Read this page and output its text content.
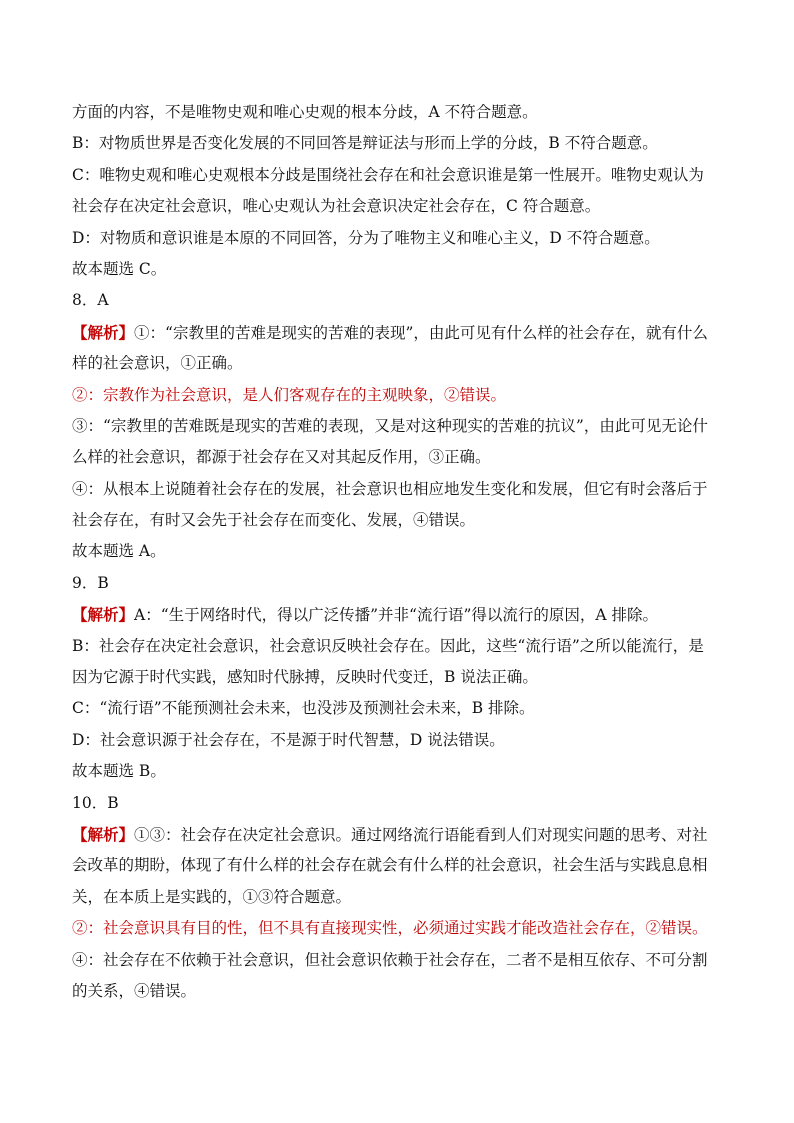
方面的内容，不是唯物史观和唯心史观的根本分歧，A 不符合题意。
B：对物质世界是否变化发展的不同回答是辩证法与形而上学的分歧，B 不符合题意。
C：唯物史观和唯心史观根本分歧是围绕社会存在和社会意识谁是第一性展开。唯物史观认为
社会存在决定社会意识，唯心史观认为社会意识决定社会存在，C 符合题意。
D：对物质和意识谁是本原的不同回答，分为了唯物主义和唯心主义，D 不符合题意。
故本题选 C。
8．A
【解析】①：“宗教里的苦难是现实的苦难的表现”，由此可见有什么样的社会存在，就有什么
样的社会意识，①正确。
②：宗教作为社会意识，是人们客观存在的主观映象，②错误。
③：“宗教里的苦难既是现实的苦难的表现，又是对这种现实的苦难的抗议”，由此可见无论什
么样的社会意识，都源于社会存在又对其起反作用，③正确。
④：从根本上说随着社会存在的发展，社会意识也相应地发生变化和发展，但它有时会落后于
社会存在，有时又会先于社会存在而变化、发展，④错误。
故本题选 A。
9．B
【解析】A：“生于网络时代，得以广泛传播”并非“流行语”得以流行的原因，A 排除。
B：社会存在决定社会意识，社会意识反映社会存在。因此，这些“流行语”之所以能流行，是
因为它源于时代实践，感知时代脉搏，反映时代变迁，B 说法正确。
C：“流行语”不能预测社会未来，也没涉及预测社会未来，B 排除。
D：社会意识源于社会存在，不是源于时代智慧，D 说法错误。
故本题选 B。
10．B
【解析】①③：社会存在决定社会意识。通过网络流行语能看到人们对现实问题的思考、对社
会改革的期盼，体现了有什么样的社会存在就会有什么样的社会意识，社会生活与实践息息相
关，在本质上是实践的，①③符合题意。
②：社会意识具有目的性，但不具有直接现实性，必须通过实践才能改造社会存在，②错误。
④：社会存在不依赖于社会意识，但社会意识依赖于社会存在，二者不是相互依存、不可分割
的关系，④错误。
